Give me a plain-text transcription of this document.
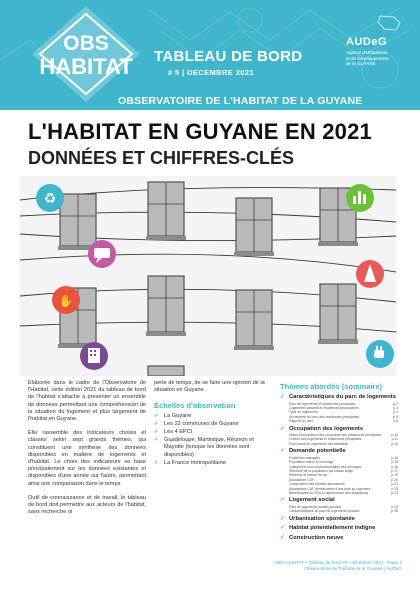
OBS
HABITAT TABLEAU DE BORD
# 5 | DECEMBRE 2021
AUDeG
Agence d'Urbanisme
et de Développement
de la GUYANE
OBSERVATOIRE DE L'HABITAT DE LA GUYANE
L'HABITAT EN GUYANE EN 2021
DONNÉES ET CHIFFRES-CLÉS
♻
✋

Elaborée dans le cadre de l'Observatoire de l'Habitat, cette édition 2021 du tableau de bord de l'habitat s'attache à présenter un ensemble de données permettant une compréhension de la situation du logement et plus largement de l'habitat en Guyane.

Elle rassemble des indicateurs choisis et classés selon sept grands thèmes, qui constituent une synthèse des données disponibles en matière de logements et d'habitat. Le choix des indicateurs se base principalement sur les données existantes et disponibles d'une année sur l'autre, permettant ainsi une comparaison dans le temps.

Outil de connaissance et de travail, le tableau de bord doit permettre aux acteurs de l'habitat, sans recherche ni

perte de temps, de se faire une opinion de la situation en Guyane.

Échelles d'observation
✓ La Guyane
✓ Les 22 communes de Guyane
✓ Les 4 EPCI
✓ Guadeloupe, Martinique, Réunion et Mayotte (lorsque les données sont disponibles)
✓ La France métropolitaine
Thèmes abordés (sommaire)
✓ Caractéristiques du parc de logements
Parc de logements et résidences principales	p.2
Logements vacants et résidences secondaires	p.3
Type de logements	p.4
Ancienneté du parc des résidences principales	p.5
Rapport du parc	p.6
✓ Occupation des logements
Statut d'occupation des occupants des résidences principales	p.10
Confort des logements et résidences principales	p.11
Parc social en logements des habitants	p.12
✓ Demande potentielle
Profils des ménages	p.13
Population active et chômage	p.15
Catégories socio-professionnelles des ménages	p.16
Structure de la population par classe d'âge	p.17
Revenus et niveau de vie	p.19
Allocataires CAF	p.20
Composition des familles allocataires	p.21
Allocataires CAF bénéficiaires d'une aide au logement	p.22
Bénéficiaires du RSA et dépendance aux prestations	p.23
✓ Logement social
Parc de logements locatifs sociaux	p.24
Caractéristiques du parc de logements sociaux	p.25
✓ Urbanisation spontanée
✓ Habitat potentiellement indigne
✓ Construction neuve
OBS HABITAT • Tableau de bord #5 - décembre 2021 - Page 1
Observatoire de l'habitat de la Guyane | AUDeG
